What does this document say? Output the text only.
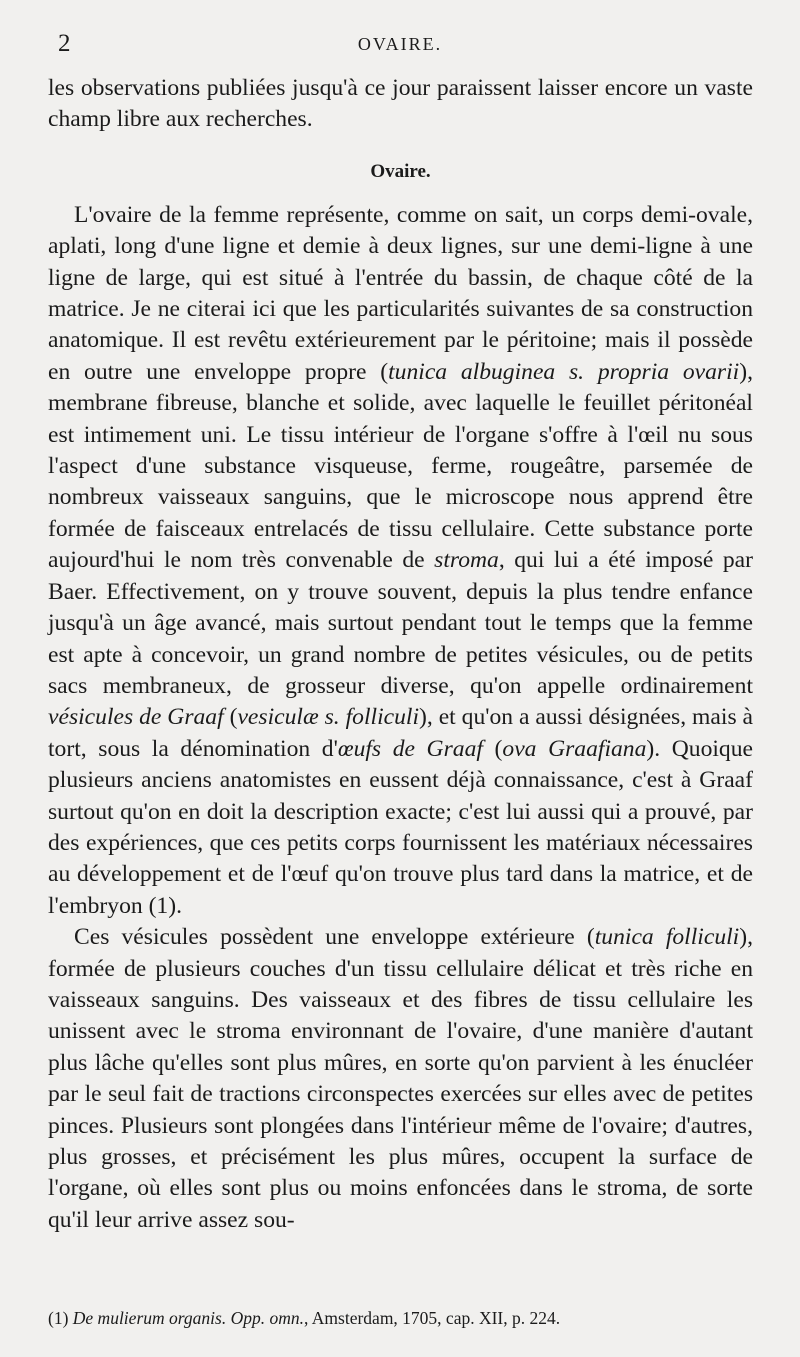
2	OVAIRE.

les observations publiées jusqu'à ce jour paraissent laisser encore un vaste champ libre aux recherches.

Ovaire.

L'ovaire de la femme représente, comme on sait, un corps demi-ovale, aplati, long d'une ligne et demie à deux lignes, sur une demi-ligne à une ligne de large, qui est situé à l'entrée du bassin, de chaque côté de la matrice. Je ne citerai ici que les particularités suivantes de sa construction anatomique. Il est revêtu extérieurement par le péritoine; mais il possède en outre une enveloppe propre (tunica albuginea s. propria ovarii), membrane fibreuse, blanche et solide, avec laquelle le feuillet péritonéal est intimement uni. Le tissu intérieur de l'organe s'offre à l'œil nu sous l'aspect d'une substance visqueuse, ferme, rougeâtre, parsemée de nombreux vaisseaux sanguins, que le microscope nous apprend être formée de faisceaux entrelacés de tissu cellulaire. Cette substance porte aujourd'hui le nom très convenable de stroma, qui lui a été imposé par Baer. Effectivement, on y trouve souvent, depuis la plus tendre enfance jusqu'à un âge avancé, mais surtout pendant tout le temps que la femme est apte à concevoir, un grand nombre de petites vésicules, ou de petits sacs membraneux, de grosseur diverse, qu'on appelle ordinairement vésicules de Graaf (vesiculæ s. folliculi), et qu'on a aussi désignées, mais à tort, sous la dénomination d'œufs de Graaf (ova Graafiana). Quoique plusieurs anciens anatomistes en eussent déjà connaissance, c'est à Graaf surtout qu'on en doit la description exacte; c'est lui aussi qui a prouvé, par des expériences, que ces petits corps fournissent les matériaux nécessaires au développement et de l'œuf qu'on trouve plus tard dans la matrice, et de l'embryon (1).

Ces vésicules possèdent une enveloppe extérieure (tunica folliculi), formée de plusieurs couches d'un tissu cellulaire délicat et très riche en vaisseaux sanguins. Des vaisseaux et des fibres de tissu cellulaire les unissent avec le stroma environnant de l'ovaire, d'une manière d'autant plus lâche qu'elles sont plus mûres, en sorte qu'on parvient à les énucléer par le seul fait de tractions circonspectes exercées sur elles avec de petites pinces. Plusieurs sont plongées dans l'intérieur même de l'ovaire; d'autres, plus grosses, et précisément les plus mûres, occupent la surface de l'organe, où elles sont plus ou moins enfoncées dans le stroma, de sorte qu'il leur arrive assez sou-

(1) De mulierum organis. Opp. omn., Amsterdam, 1705, cap. XII, p. 224.
